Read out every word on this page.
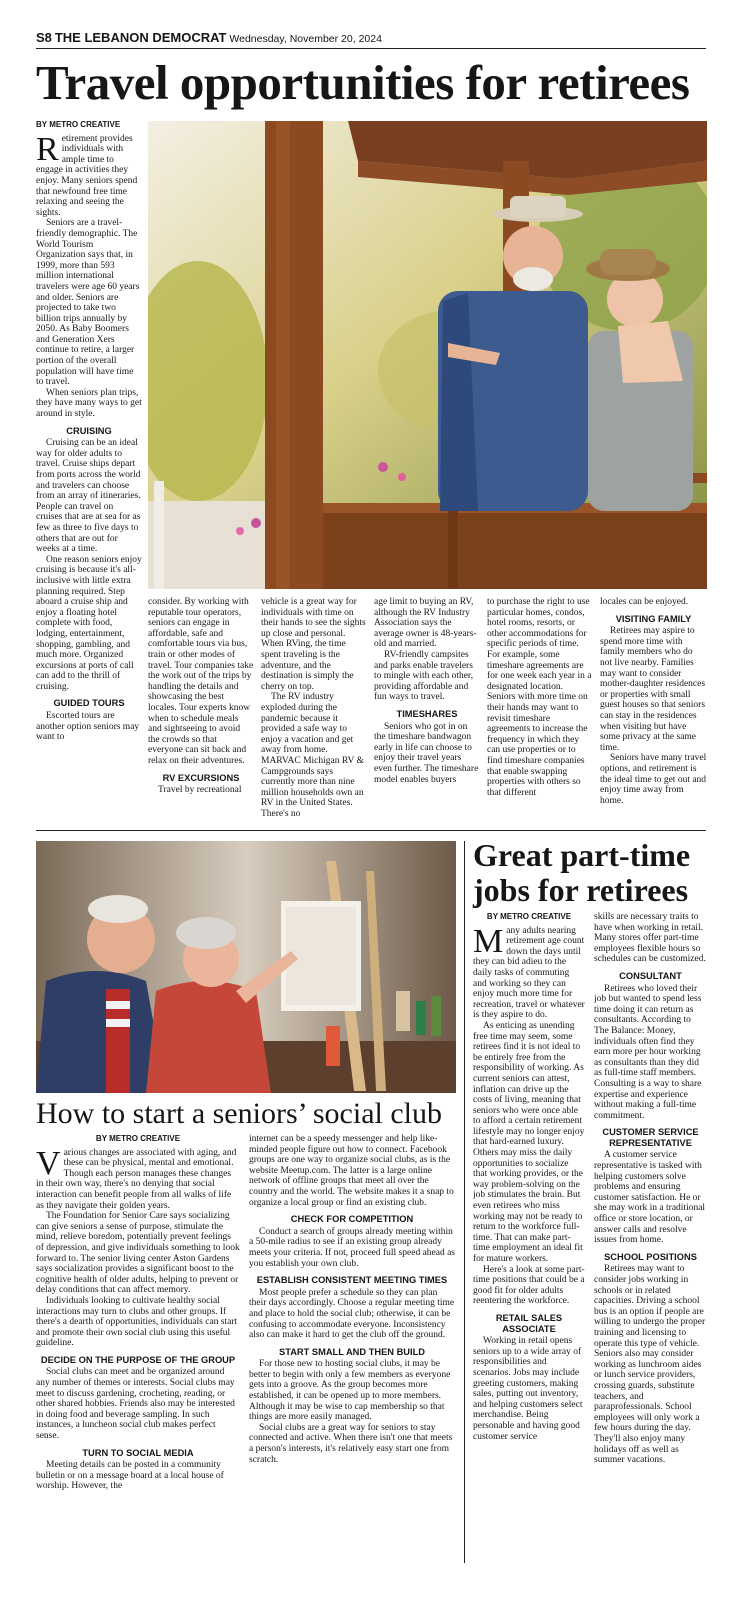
S8 THE LEBANON DEMOCRAT Wednesday, November 20, 2024
Travel opportunities for retirees
BY METRO CREATIVE

Retirement provides individuals with ample time to engage in activities they enjoy. Many seniors spend that newfound free time relaxing and seeing the sights.

Seniors are a travel-friendly demographic. The World Tourism Organization says that, in 1999, more than 593 million international travelers were age 60 years and older. Seniors are projected to take two billion trips annually by 2050. As Baby Boomers and Generation Xers continue to retire, a larger portion of the overall population will have time to travel.

When seniors plan trips, they have many ways to get around in style.

CRUISING

Cruising can be an ideal way for older adults to travel. Cruise ships depart from ports across the world and travelers can choose from an array of itineraries. People can travel on cruises that are at sea for as few as three to five days to others that are out for weeks at a time.

One reason seniors enjoy cruising is because it's all-inclusive with little extra planning required. Step aboard a cruise ship and enjoy a floating hotel complete with food, lodging, entertainment, shopping, gambling, and much more. Organized excursions at ports of call can add to the thrill of cruising.

GUIDED TOURS

Escorted tours are another option seniors may want to

consider. By working with reputable tour operators, seniors can engage in affordable, safe and comfortable tours via bus, train or other modes of travel. Tour companies take the work out of the trips by handling the details and showcasing the best locales. Tour experts know when to schedule meals and sightseeing to avoid the crowds so that everyone can sit back and relax on their adventures.

RV EXCURSIONS

Travel by recreational

vehicle is a great way for individuals with time on their hands to see the sights up close and personal. When RVing, the time spent traveling is the adventure, and the destination is simply the cherry on top.

The RV industry exploded during the pandemic because it provided a safe way to enjoy a vacation and get away from home. MARVAC Michigan RV & Campgrounds says currently more than nine million households own an RV in the United States. There's no

age limit to buying an RV, although the RV Industry Association says the average owner is 48-years-old and married.

RV-friendly campsites and parks enable travelers to mingle with each other, providing affordable and fun ways to travel.

TIMESHARES

Seniors who got in on the timeshare bandwagon early in life can choose to enjoy their travel years even further. The timeshare model enables buyers

to purchase the right to use particular homes, condos, hotel rooms, resorts, or other accommodations for specific periods of time. For example, some timeshare agreements are for one week each year in a designated location. Seniors with more time on their hands may want to revisit timeshare agreements to increase the frequency in which they can use properties or to find timeshare companies that enable swapping properties with others so that different

locales can be enjoyed.

VISITING FAMILY

Retirees may aspire to spend more time with family members who do not live nearby. Families may want to consider mother-daughter residences or properties with small guest houses so that seniors can stay in the residences when visiting but have some privacy at the same time.

Seniors have many travel options, and retirement is the ideal time to get out and enjoy time away from home.

How to start a seniors’ social club
BY METRO CREATIVE

Various changes are associated with aging, and these can be physical, mental and emotional. Though each person manages these changes in their own way, there's no denying that social interaction can benefit people from all walks of life as they navigate their golden years.

The Foundation for Senior Care says socializing can give seniors a sense of purpose, stimulate the mind, relieve boredom, potentially prevent feelings of depression, and give individuals something to look forward to. The senior living center Aston Gardens says socialization provides a significant boost to the cognitive health of older adults, helping to prevent or delay conditions that can affect memory.

Individuals looking to cultivate healthy social interactions may turn to clubs and other groups. If there's a dearth of opportunities, individuals can start and promote their own social club using this useful guideline.

DECIDE ON THE PURPOSE OF THE GROUP

Social clubs can meet and be organized around any number of themes or interests. Social clubs may meet to discuss gardening, crocheting, reading, or other shared hobbies. Friends also may be interested in doing food and beverage sampling. In such instances, a luncheon social club makes perfect sense.

TURN TO SOCIAL MEDIA

Meeting details can be posted in a community bulletin or on a message board at a local house of worship. However, the

internet can be a speedy messenger and help like-minded people figure out how to connect. Facebook groups are one way to organize social clubs, as is the website Meetup.com. The latter is a large online network of offline groups that meet all over the country and the world. The website makes it a snap to organize a local group or find an existing club.

CHECK FOR COMPETITION

Conduct a search of groups already meeting within a 50-mile radius to see if an existing group already meets your criteria. If not, proceed full speed ahead as you establish your own club.

ESTABLISH CONSISTENT MEETING TIMES

Most people prefer a schedule so they can plan their days accordingly. Choose a regular meeting time and place to hold the social club; otherwise, it can be confusing to accommodate everyone. Inconsistency also can make it hard to get the club off the ground.

START SMALL AND THEN BUILD

For those new to hosting social clubs, it may be better to begin with only a few members as everyone gets into a groove. As the group becomes more established, it can be opened up to more members. Although it may be wise to cap membership so that things are more easily managed.

Social clubs are a great way for seniors to stay connected and active. When there isn't one that meets a person's interests, it's relatively easy start one from scratch.

Great part-time
jobs for retirees
BY METRO CREATIVE

Many adults nearing retirement age count down the days until they can bid adieu to the daily tasks of commuting and working so they can enjoy much more time for recreation, travel or whatever is they aspire to do.

As enticing as unending free time may seem, some retirees find it is not ideal to be entirely free from the responsibility of working. As current seniors can attest, inflation can drive up the costs of living, meaning that seniors who were once able to afford a certain retirement lifestyle may no longer enjoy that hard-earned luxury. Others may miss the daily opportunities to socialize that working provides, or the way problem-solving on the job stimulates the brain. But even retirees who miss working may not be ready to return to the workforce full-time. That can make part-time employment an ideal fit for mature workers.

Here's a look at some part-time positions that could be a good fit for older adults reentering the workforce.

RETAIL SALES ASSOCIATE

Working in retail opens seniors up to a wide array of responsibilities and scenarios. Jobs may include greeting customers, making sales, putting out inventory, and helping customers select merchandise. Being personable and having good customer service

skills are necessary traits to have when working in retail. Many stores offer part-time employees flexible hours so schedules can be customized.

CONSULTANT

Retirees who loved their job but wanted to spend less time doing it can return as consultants. According to The Balance: Money, individuals often find they earn more per hour working as consultants than they did as full-time staff members. Consulting is a way to share expertise and experience without making a full-time commitment.

CUSTOMER SERVICE REPRESENTATIVE

A customer service representative is tasked with helping customers solve problems and ensuring customer satisfaction. He or she may work in a traditional office or store location, or answer calls and resolve issues from home.

SCHOOL POSITIONS

Retirees may want to consider jobs working in schools or in related capacities. Driving a school bus is an option if people are willing to undergo the proper training and licensing to operate this type of vehicle. Seniors also may consider working as lunchroom aides or lunch service providers, crossing guards, substitute teachers, and paraprofessionals. School employees will only work a few hours during the day. They'll also enjoy many holidays off as well as summer vacations.
